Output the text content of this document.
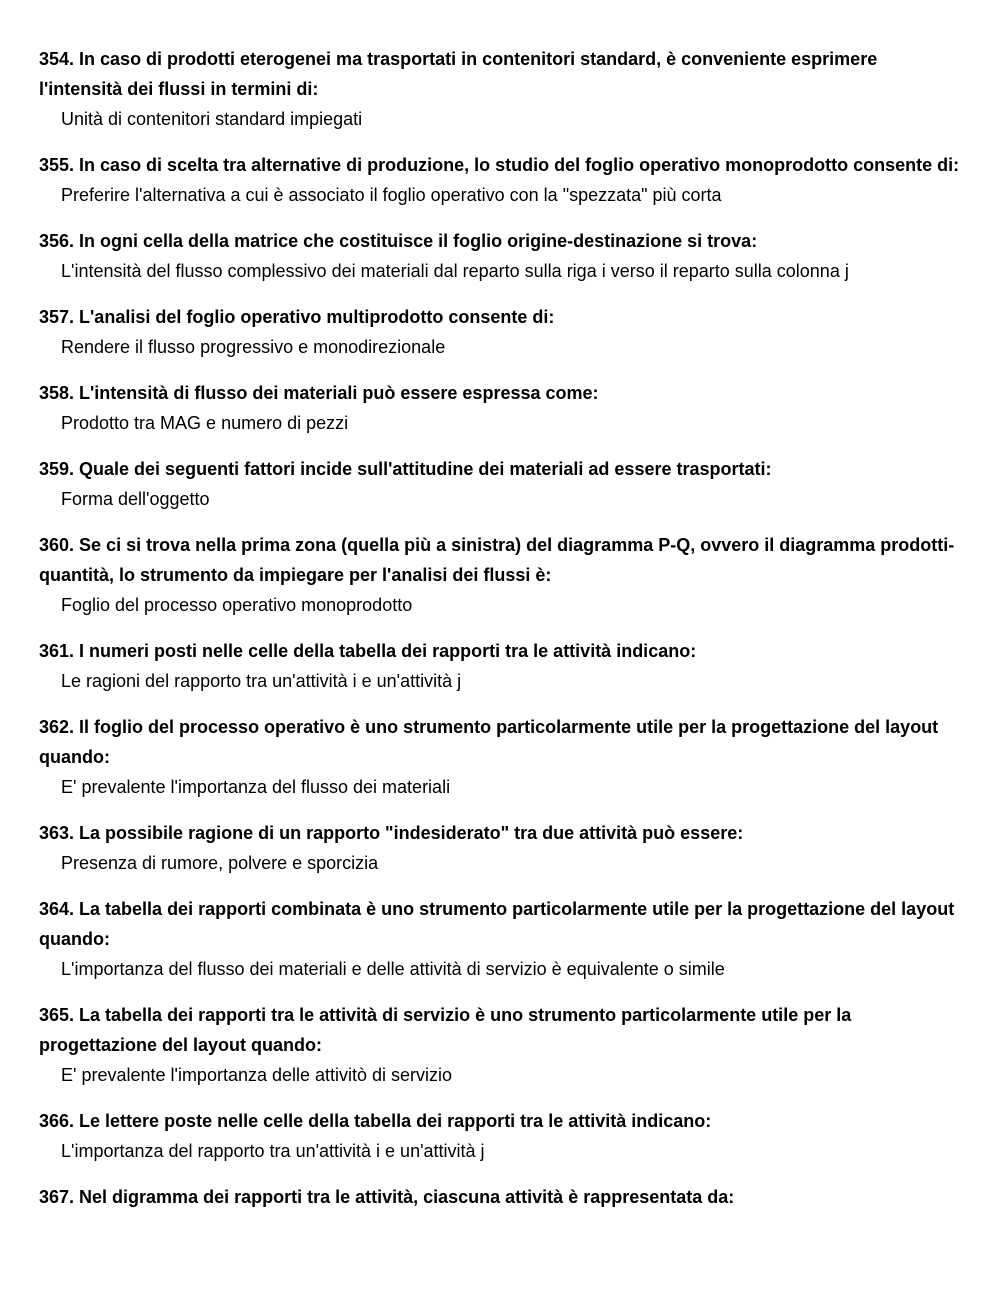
354. In caso di prodotti eterogenei ma trasportati in contenitori standard, è conveniente esprimere l'intensità dei flussi in termini di:

Unità di contenitori standard impiegati

355. In caso di scelta tra alternative di produzione, lo studio del foglio operativo monoprodotto consente di:

Preferire l'alternativa a cui è associato il foglio operativo con la "spezzata" più corta

356. In ogni cella della matrice che costituisce il foglio origine-destinazione si trova:

L'intensità del flusso complessivo dei materiali dal reparto sulla riga i verso il reparto sulla colonna j

357. L'analisi del foglio operativo multiprodotto consente di:

Rendere il flusso progressivo e monodirezionale

358. L'intensità di flusso dei materiali può essere espressa come:

Prodotto tra MAG e numero di pezzi

359. Quale dei seguenti fattori incide sull'attitudine dei materiali ad essere trasportati:

Forma dell'oggetto

360. Se ci si trova nella prima zona (quella più a sinistra) del diagramma P-Q, ovvero il diagramma prodotti-quantità, lo strumento da impiegare per l'analisi dei flussi è:

Foglio del processo operativo monoprodotto

361. I numeri posti nelle celle della tabella dei rapporti tra le attività indicano:

Le ragioni del rapporto tra un'attività i e un'attività j

362. Il foglio del processo operativo è uno strumento particolarmente utile per la progettazione del layout quando:

E' prevalente l'importanza del flusso dei materiali

363. La possibile ragione di un rapporto "indesiderato" tra due attività può essere:

Presenza di rumore, polvere e sporcizia

364. La tabella dei rapporti combinata è uno strumento particolarmente utile per la progettazione del layout quando:

L'importanza del flusso dei materiali e delle attività di servizio è equivalente o simile

365. La tabella dei rapporti tra le attività di servizio è uno strumento particolarmente utile per la progettazione del layout quando:

E' prevalente l'importanza delle attivitò di servizio

366. Le lettere poste nelle celle della tabella dei rapporti tra le attività indicano:

L'importanza del rapporto tra un'attività i e un'attività j

367. Nel digramma dei rapporti tra le attività, ciascuna attività è rappresentata da:
